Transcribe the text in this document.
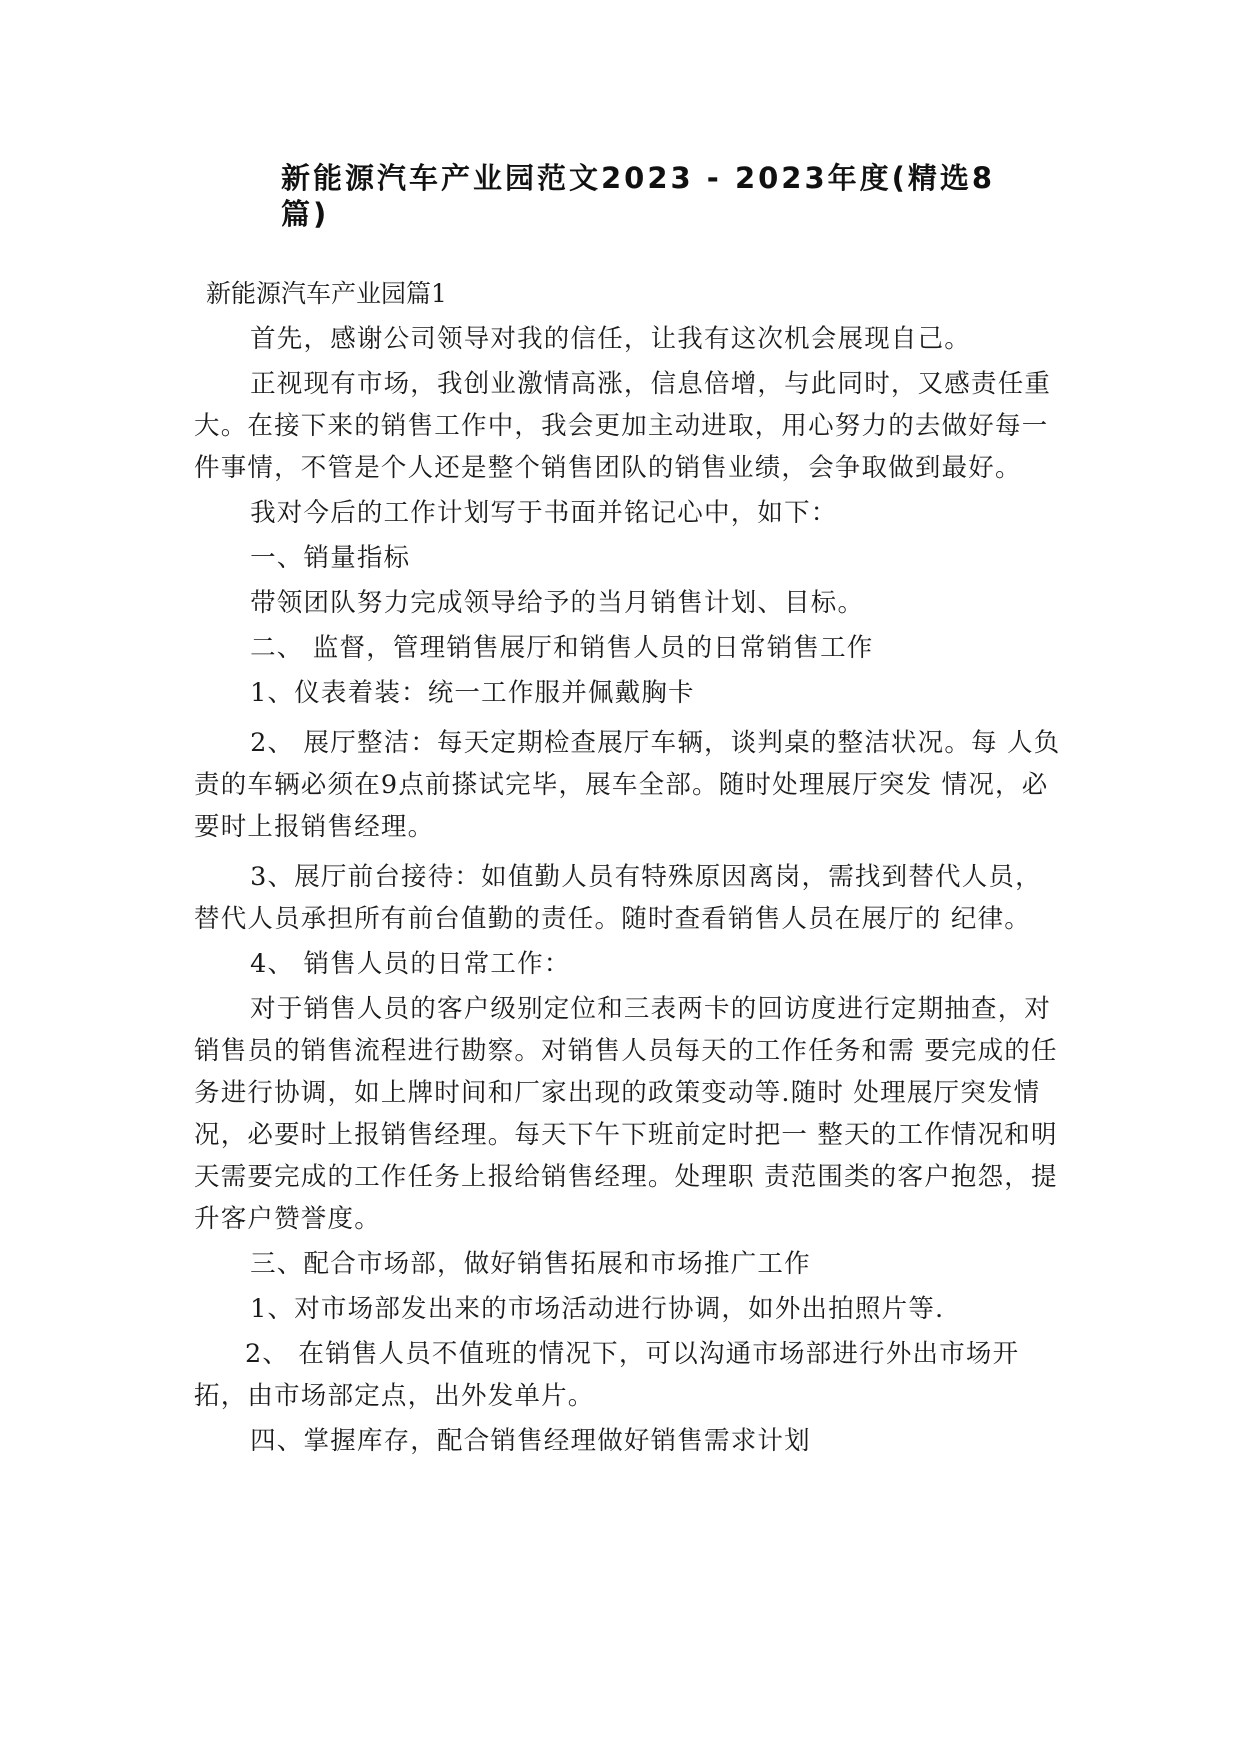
新能源汽车产业园范文2023 - 2023年度(精选8篇)
新能源汽车产业园篇1

首先，感谢公司领导对我的信任，让我有这次机会展现自己。

正视现有市场，我创业激情高涨，信息倍增，与此同时，又感责任重大。在接下来的销售工作中，我会更加主动进取，用心努力的去做好每一件事情，不管是个人还是整个销售团队的销售业绩，会争取做到最好。

我对今后的工作计划写于书面并铭记心中，如下：

一、销量指标

带领团队努力完成领导给予的当月销售计划、目标。

二、 监督，管理销售展厅和销售人员的日常销售工作

1、仪表着装：统一工作服并佩戴胸卡

2、 展厅整洁：每天定期检查展厅车辆，谈判桌的整洁状况。每 人负责的车辆必须在9点前搽试完毕，展车全部。随时处理展厅突发 情况，必要时上报销售经理。

3、展厅前台接待：如值勤人员有特殊原因离岗，需找到替代人员，替代人员承担所有前台值勤的责任。随时查看销售人员在展厅的 纪律。

4、 销售人员的日常工作：

对于销售人员的客户级别定位和三表两卡的回访度进行定期抽查，对销售员的销售流程进行勘察。对销售人员每天的工作任务和需 要完成的任务进行协调，如上牌时间和厂家出现的政策变动等.随时 处理展厅突发情况，必要时上报销售经理。每天下午下班前定时把一 整天的工作情况和明天需要完成的工作任务上报给销售经理。处理职 责范围类的客户抱怨，提升客户赞誉度。

三、配合市场部，做好销售拓展和市场推广工作

1、对市场部发出来的市场活动进行协调，如外出拍照片等.

2、 在销售人员不值班的情况下，可以沟通市场部进行外出市场开拓，由市场部定点，出外发单片。

四、掌握库存，配合销售经理做好销售需求计划
